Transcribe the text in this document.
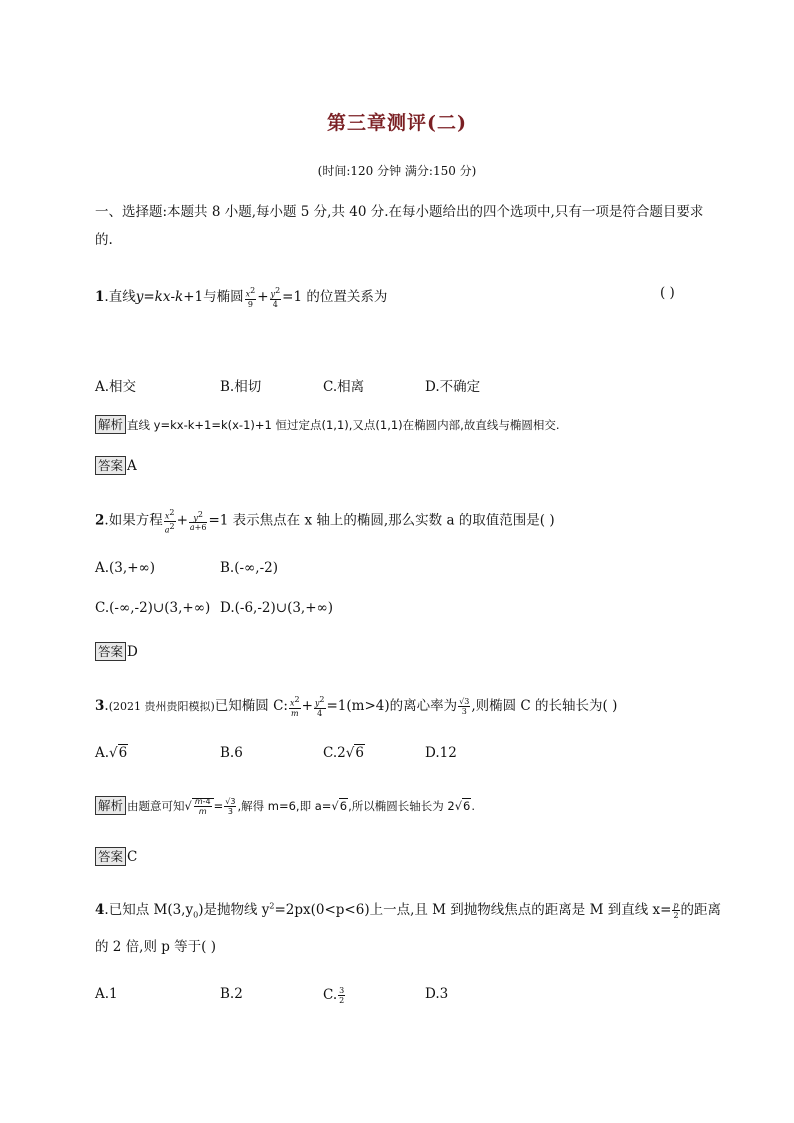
第三章测评(二)
(时间:120 分钟 满分:150 分)
一、选择题:本题共 8 小题,每小题 5 分,共 40 分.在每小题给出的四个选项中,只有一项是符合题目要求的.
1.直线y=kx-k+1与椭圆 $\frac{x^2}{9} + \frac{y^2}{4} =1$ 的位置关系为	( )
A.相交	B.相切	C.相离	D.不确定
解析 直线 y=kx-k+1=k(x-1)+1 恒过定点(1,1),又点(1,1)在椭圆内部,故直线与椭圆相交.
答案 A
2.如果方程 $\frac{x^2}{a^2} + \frac{y^2}{a+6} =1$ 表示焦点在 x 轴上的椭圆,那么实数 a 的取值范围是( )
A.(3,+∞)	B.(-∞,-2)
C.(-∞,-2)∪(3,+∞) D.(-6,-2)∪(3,+∞)
答案 D
3.(2021 贵州贵阳模拟)已知椭圆 C: $\frac{x^2}{m} + \frac{y^2}{4} =1(m>4)$的离心率为 $\frac{√3}{3}$ ,则椭圆 C 的长轴长为( )
A.√6	B.6	C.2√6	D.12
解析 由题意可知√ $\frac{m-4}{m} = \frac{√3}{3}$ ,解得 m=6,即 a=√6,所以椭圆长轴长为 2√6.
答案 C
4.已知点 $M(3,y_0)$是抛物线 $y^2=2px(0<p<6)$上一点,且 M 到抛物线焦点的距离是 M 到直线 $x= \frac{p}{2}$ 的距离
的 2 倍,则 p 等于( )
A.1	B.2	C. $\frac{3}{2}$	D.3
